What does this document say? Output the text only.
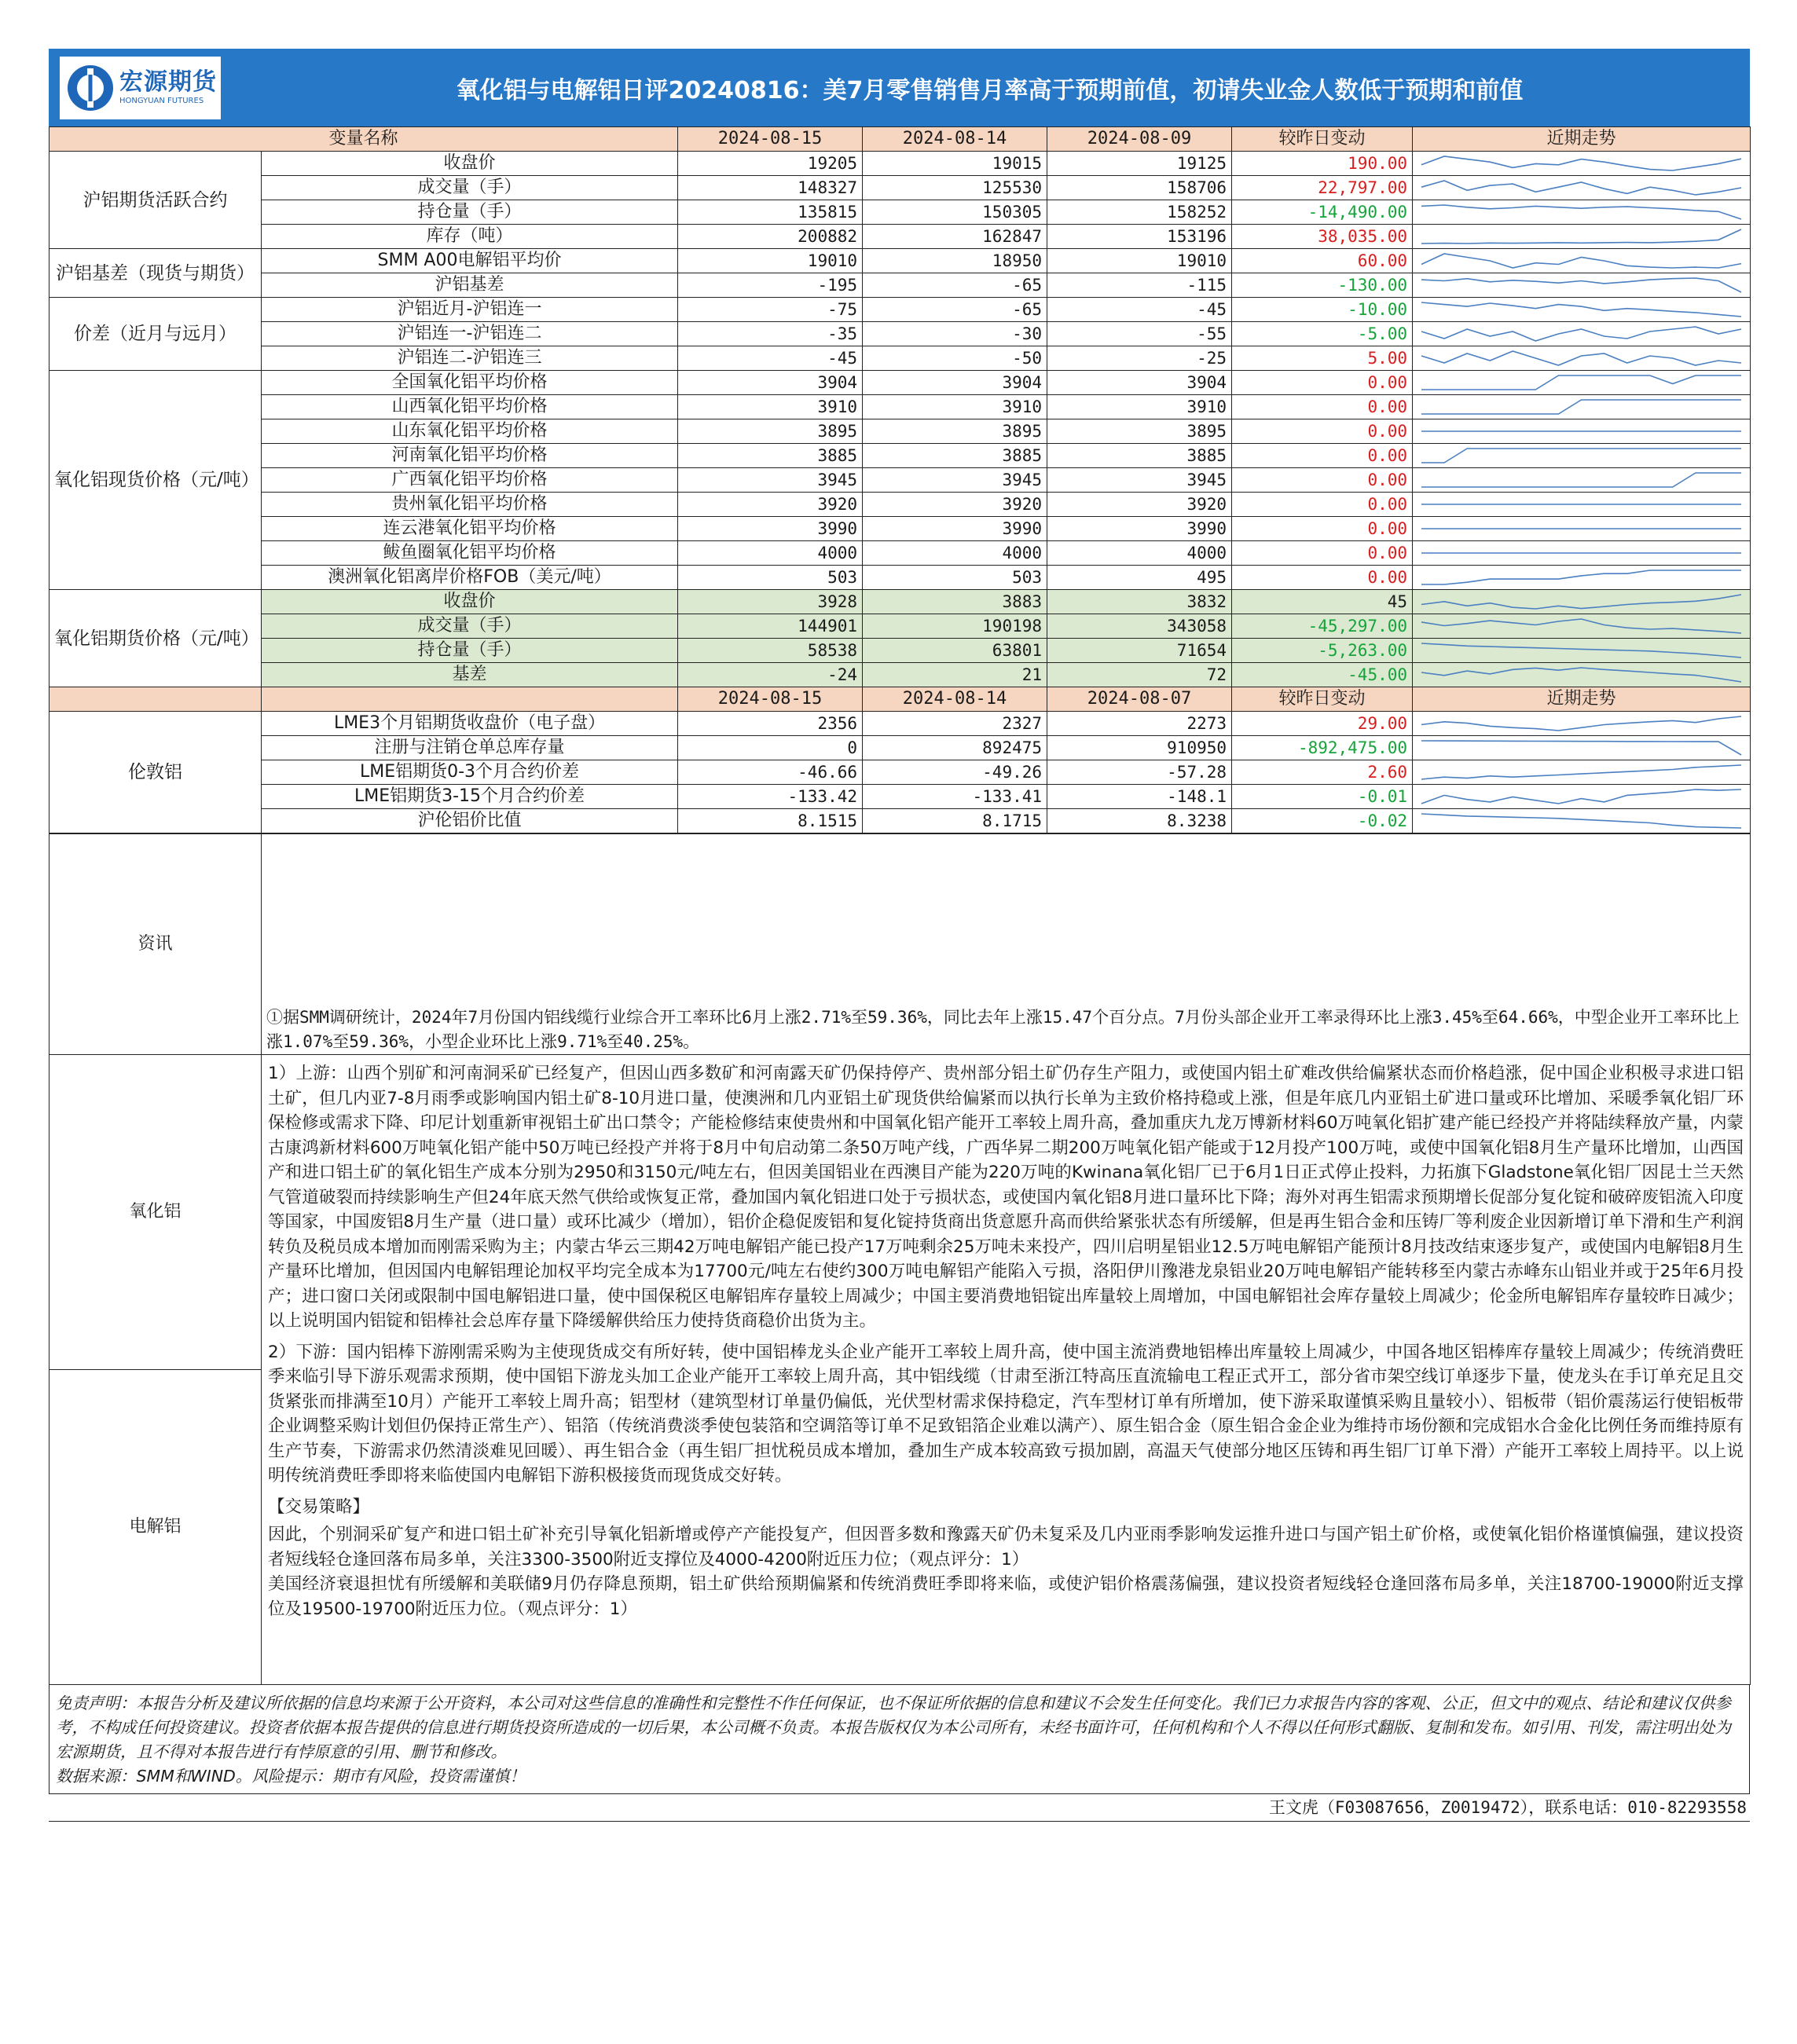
宏源期货
HONGYUAN FUTURES	氧化铝与电解铝日评20240816：美7月零售销售月率高于预期前值，初请失业金人数低于预期和前值
变量名称		2024-08-15	2024-08-14	2024-08-09	较昨日变动	近期走势
沪铝期货活跃合约	收盘价	19205	19015	19125	190.00	

	成交量（手）	148327	125530	158706	22,797.00	

	持仓量（手）	135815	150305	158252	-14,490.00	

	库存（吨）	200882	162847	153196	38,035.00	

沪铝基差（现货与期货）	SMM A00电解铝平均价	19010	18950	19010	60.00	

	沪铝基差	-195	-65	-115	-130.00	

价差（近月与远月）	沪铝近月-沪铝连一	-75	-65	-45	-10.00	

	沪铝连一-沪铝连二	-35	-30	-55	-5.00	

	沪铝连二-沪铝连三	-45	-50	-25	5.00	

氧化铝现货价格（元/吨）	全国氧化铝平均价格	3904	3904	3904	0.00	

	山西氧化铝平均价格	3910	3910	3910	0.00	

	山东氧化铝平均价格	3895	3895	3895	0.00	

	河南氧化铝平均价格	3885	3885	3885	0.00	

	广西氧化铝平均价格	3945	3945	3945	0.00	

	贵州氧化铝平均价格	3920	3920	3920	0.00	

	连云港氧化铝平均价格	3990	3990	3990	0.00	

	鲅鱼圈氧化铝平均价格	4000	4000	4000	0.00	

	澳洲氧化铝离岸价格FOB（美元/吨）	503	503	495	0.00	

氧化铝期货价格（元/吨）	收盘价	3928	3883	3832	45	

	成交量（手）	144901	190198	343058	-45,297.00	

	持仓量（手）	58538	63801	71654	-5,263.00	

	基差	-24	21	72	-45.00	

		2024-08-15	2024-08-14	2024-08-07	较昨日变动	近期走势
伦敦铝	LME3个月铝期货收盘价（电子盘）	2356	2327	2273	29.00	

	注册与注销仓单总库存量	0	892475	910950	-892,475.00	

	LME铝期货0-3个月合约价差	-46.66	-49.26	-57.28	2.60	

	LME铝期货3-15个月合约价差	-133.42	-133.41	-148.1	-0.01	

	沪伦铝价比值	8.1515	8.1715	8.3238	-0.02	
资讯	①据SMM调研统计，2024年7月份国内铝线缆行业综合开工率环比6月上涨2.71%至59.36%，同比去年上涨15.47个百分点。7月份头部企业开工率录得环比上涨3.45%至64.66%，中型企业开工率环比上涨1.07%至59.36%，小型企业环比上涨9.71%至40.25%。

氧化铝	1）上游：山西个别矿和河南洞采矿已经复产，但因山西多数矿和河南露天矿仍保持停产、贵州部分铝土矿仍存生产阻力，或使国内铝土矿难改供给偏紧状态而价格趋涨，促中国企业积极寻求进口铝土矿，但几内亚7-8月雨季或影响国内铝土矿8-10月进口量，使澳洲和几内亚铝土矿现货供给偏紧而以执行长单为主致价格持稳或上涨，但是年底几内亚铝土矿进口量或环比增加、采暖季氧化铝厂环保检修或需求下降、印尼计划重新审视铝土矿出口禁令；产能检修结束使贵州和中国氧化铝产能开工率较上周升高，叠加重庆九龙万博新材料60万吨氧化铝扩建产能已经投产并将陆续释放产量，内蒙古康鸿新材料600万吨氧化铝产能中50万吨已经投产并将于8月中旬启动第二条50万吨产线，广西华昇二期200万吨氧化铝产能或于12月投产100万吨，或使中国氧化铝8月生产量环比增加，山西国产和进口铝土矿的氧化铝生产成本分别为2950和3150元/吨左右，但因美国铝业在西澳目产能为220万吨的Kwinana氧化铝厂已于6月1日正式停止投料，力拓旗下Gladstone氧化铝厂因昆士兰天然气管道破裂而持续影响生产但24年底天然气供给或恢复正常，叠加国内氧化铝进口处于亏损状态，或使国内氧化铝8月进口量环比下降；海外对再生铝需求预期增长促部分复化锭和破碎废铝流入印度等国家，中国废铝8月生产量（进口量）或环比减少（增加），铝价企稳促废铝和复化锭持货商出货意愿升高而供给紧张状态有所缓解，但是再生铝合金和压铸厂等利废企业因新增订单下滑和生产利润转负及税员成本增加而刚需采购为主；内蒙古华云三期42万吨电解铝产能已投产17万吨剩余25万吨未来投产，四川启明星铝业12.5万吨电解铝产能预计8月技改结束逐步复产，或使国内电解铝8月生产量环比增加，但因国内电解铝理论加权平均完全成本为17700元/吨左右使约300万吨电解铝产能陷入亏损，洛阳伊川豫港龙泉铝业20万吨电解铝产能转移至内蒙古赤峰东山铝业并或于25年6月投产；进口窗口关闭或限制中国电解铝进口量，使中国保税区电解铝库存量较上周减少；中国主要消费地铝锭出库量较上周增加，中国电解铝社会库存量较上周减少；伦金所电解铝库存量较昨日减少；以上说明国内铝锭和铝棒社会总库存量下降缓解供给压力使持货商稳价出货为主。
2）下游：国内铝棒下游刚需采购为主使现货成交有所好转，使中国铝棒龙头企业产能开工率较上周升高，使中国主流消费地铝棒出库量较上周减少，中国各地区铝棒库存量较上周减少；传统消费旺季来临引导下游乐观需求预期，使中国铝下游龙头加工企业产能开工率较上周升高，其中铝线缆（甘肃至浙江特高压直流输电工程正式开工，部分省市架空线订单逐步下量，使龙头在手订单充足且交货紧张而排满至10月）产能开工率较上周升高；铝型材（建筑型材订单量仍偏低，光伏型材需求保持稳定，汽车型材订单有所增加，使下游采取谨慎采购且量较小）、铝板带（铝价震荡运行使铝板带企业调整采购计划但仍保持正常生产）、铝箔（传统消费淡季使包装箔和空调箔等订单不足致铝箔企业难以满产）、原生铝合金（原生铝合金企业为维持市场份额和完成铝水合金化比例任务而维持原有生产节奏，下游需求仍然清淡难见回暖）、再生铝合金（再生铝厂担忧税员成本增加，叠加生产成本较高致亏损加剧，高温天气使部分地区压铸和再生铝厂订单下滑）产能开工率较上周持平。以上说明传统消费旺季即将来临使国内电解铝下游积极接货而现货成交好转。
【交易策略】
因此，个别洞采矿复产和进口铝土矿补充引导氧化铝新增或停产产能投复产，但因晋多数和豫露天矿仍未复采及几内亚雨季影响发运推升进口与国产铝土矿价格，或使氧化铝价格谨慎偏强，建议投资者短线轻仓逢回落布局多单，关注3300-3500附近支撑位及4000-4200附近压力位；（观点评分：1）
美国经济衰退担忧有所缓解和美联储9月仍存降息预期，铝土矿供给预期偏紧和传统消费旺季即将来临，或使沪铝价格震荡偏强，建议投资者短线轻仓逢回落布局多单，关注18700-19000附近支撑位及19500-19700附近压力位。（观点评分：1）

电解铝	
免责声明：本报告分析及建议所依据的信息均来源于公开资料，本公司对这些信息的准确性和完整性不作任何保证，也不保证所依据的信息和建议不会发生任何变化。我们已力求报告内容的客观、公正，但文中的观点、结论和建议仅供参考，不构成任何投资建议。投资者依据本报告提供的信息进行期货投资所造成的一切后果，本公司概不负责。本报告版权仅为本公司所有，未经书面许可，任何机构和个人不得以任何形式翻版、复制和发布。如引用、刊发，需注明出处为宏源期货，且不得对本报告进行有悖原意的引用、删节和修改。
数据来源：SMM和WIND。风险提示：期市有风险，投资需谨慎！
王文虎（F03087656，Z0019472），联系电话：010-82293558
